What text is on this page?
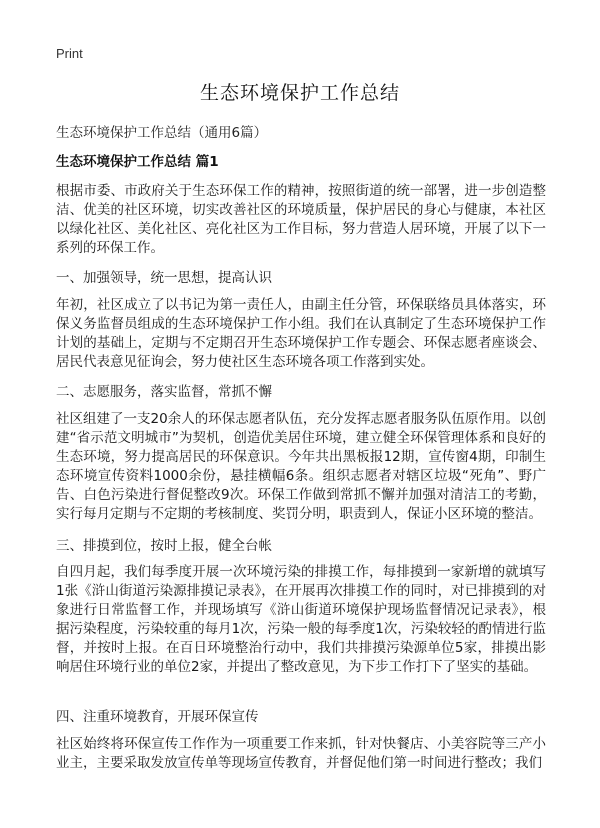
Print
生态环境保护工作总结
生态环境保护工作总结（通用6篇）
生态环境保护工作总结 篇1
根据市委、市政府关于生态环保工作的精神，按照街道的统一部署，进一步创造整洁、优美的社区环境，切实改善社区的环境质量，保护居民的身心与健康，本社区以绿化社区、美化社区、亮化社区为工作目标，努力营造人居环境，开展了以下一系列的环保工作。
一、加强领导，统一思想，提高认识
年初，社区成立了以书记为第一责任人，由副主任分管，环保联络员具体落实，环保义务监督员组成的生态环境保护工作小组。我们在认真制定了生态环境保护工作计划的基础上，定期与不定期召开生态环境保护工作专题会、环保志愿者座谈会、居民代表意见征询会，努力使社区生态环境各项工作落到实处。
二、志愿服务，落实监督，常抓不懈
社区组建了一支20余人的环保志愿者队伍，充分发挥志愿者服务队伍原作用。以创建“省示范文明城市”为契机，创造优美居住环境，建立健全环保管理体系和良好的生态环境，努力提高居民的环保意识。今年共出黑板报12期，宣传窗4期，印制生态环境宣传资料1000余份，悬挂横幅6条。组织志愿者对辖区垃圾“死角”、野广告、白色污染进行督促整改9次。环保工作做到常抓不懈并加强对清洁工的考勤，实行每月定期与不定期的考核制度、奖罚分明，职责到人，保证小区环境的整洁。
三、排摸到位，按时上报，健全台帐
自四月起，我们每季度开展一次环境污染的排摸工作，每排摸到一家新增的就填写1张《浒山街道污染源排摸记录表》，在开展再次排摸工作的同时，对已排摸到的对象进行日常监督工作，并现场填写《浒山街道环境保护现场监督情况记录表》，根据污染程度，污染较重的每月1次，污染一般的每季度1次，污染较轻的酌情进行监督，并按时上报。在百日环境整治行动中，我们共排摸污染源单位5家，排摸出影响居住环境行业的单位2家，并提出了整改意见，为下步工作打下了坚实的基础。
四、注重环境教育，开展环保宣传
社区始终将环保宣传工作作为一项重要工作来抓，针对快餐店、小美容院等三产小业主，主要采取发放宣传单等现场宣传教育，并督促他们第一时间进行整改；我们
